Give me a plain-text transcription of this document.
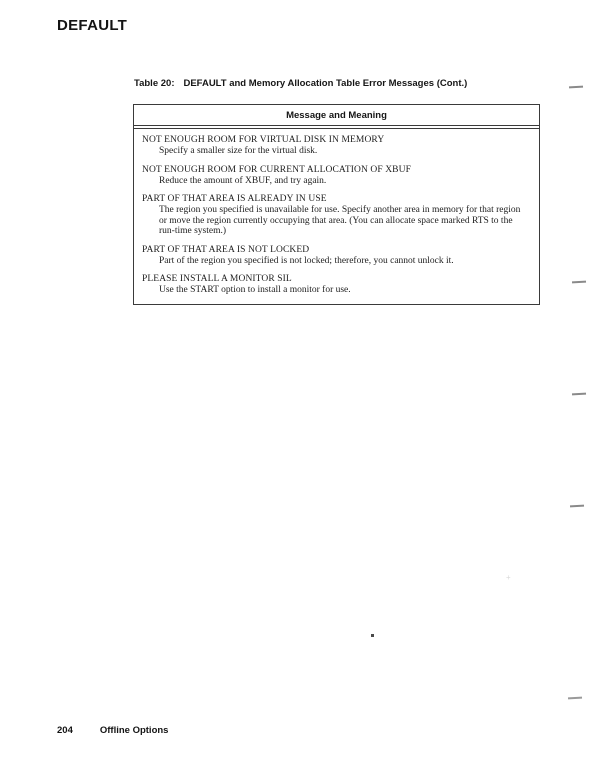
DEFAULT
Table 20: DEFAULT and Memory Allocation Table Error Messages (Cont.)
Message and Meaning
NOT ENOUGH ROOM FOR VIRTUAL DISK IN MEMORY
Specify a smaller size for the virtual disk.
NOT ENOUGH ROOM FOR CURRENT ALLOCATION OF XBUF
Reduce the amount of XBUF, and try again.
PART OF THAT AREA IS ALREADY IN USE
The region you specified is unavailable for use. Specify another area in memory for that region or move the region currently occupying that area. (You can allocate space marked RTS to the run-time system.)
PART OF THAT AREA IS NOT LOCKED
Part of the region you specified is not locked; therefore, you cannot unlock it.
PLEASE INSTALL A MONITOR SIL
Use the START option to install a monitor for use.
204	Offline Options
+
